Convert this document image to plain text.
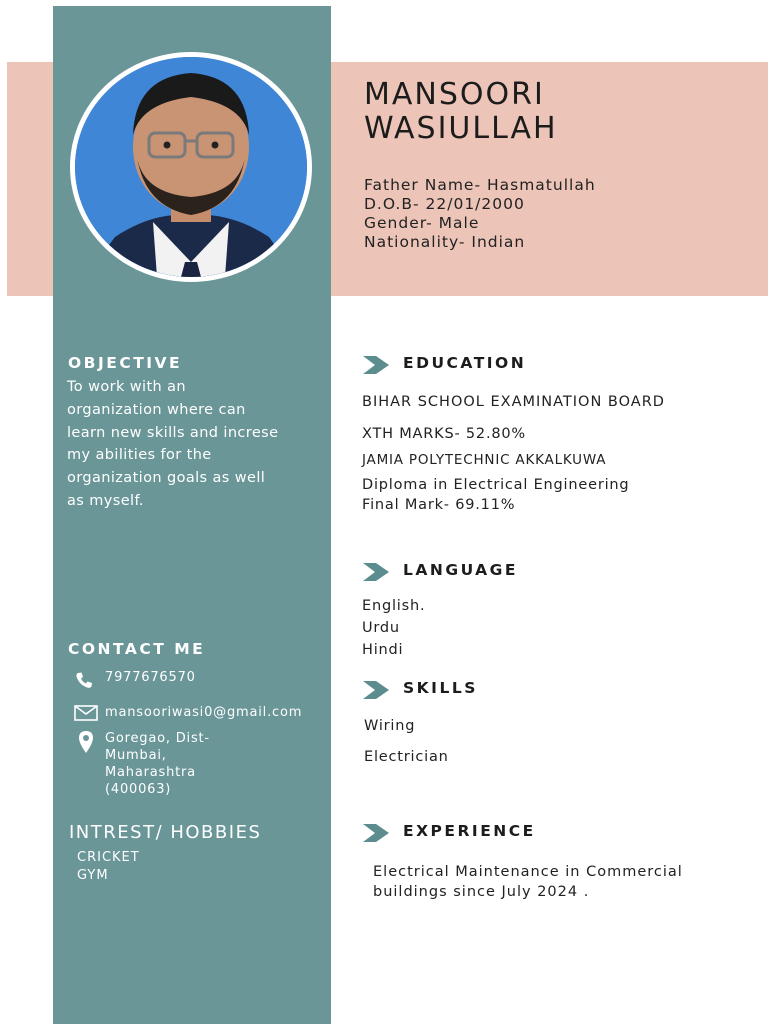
MANSOORI
WASIULLAH
Father Name- Hasmatullah
D.O.B- 22/01/2000
Gender- Male
Nationality- Indian
OBJECTIVE
To work with an
organization where can
learn new skills and increse
my abilities for the
organization goals as well
as myself.
CONTACT ME
7977676570
mansooriwasi0@gmail.com
Goregao, Dist-
Mumbai,
Maharashtra
(400063)
INTREST/ HOBBIES
CRICKET
GYM
EDUCATION
BIHAR SCHOOL EXAMINATION BOARD
XTH MARKS- 52.80%
JAMIA POLYTECHNIC AKKALKUWA
Diploma in Electrical Engineering
Final Mark- 69.11%
LANGUAGE
English.
Urdu
Hindi
SKILLS
Wiring
Electrician
EXPERIENCE
Electrical Maintenance in Commercial
buildings since July 2024 .
